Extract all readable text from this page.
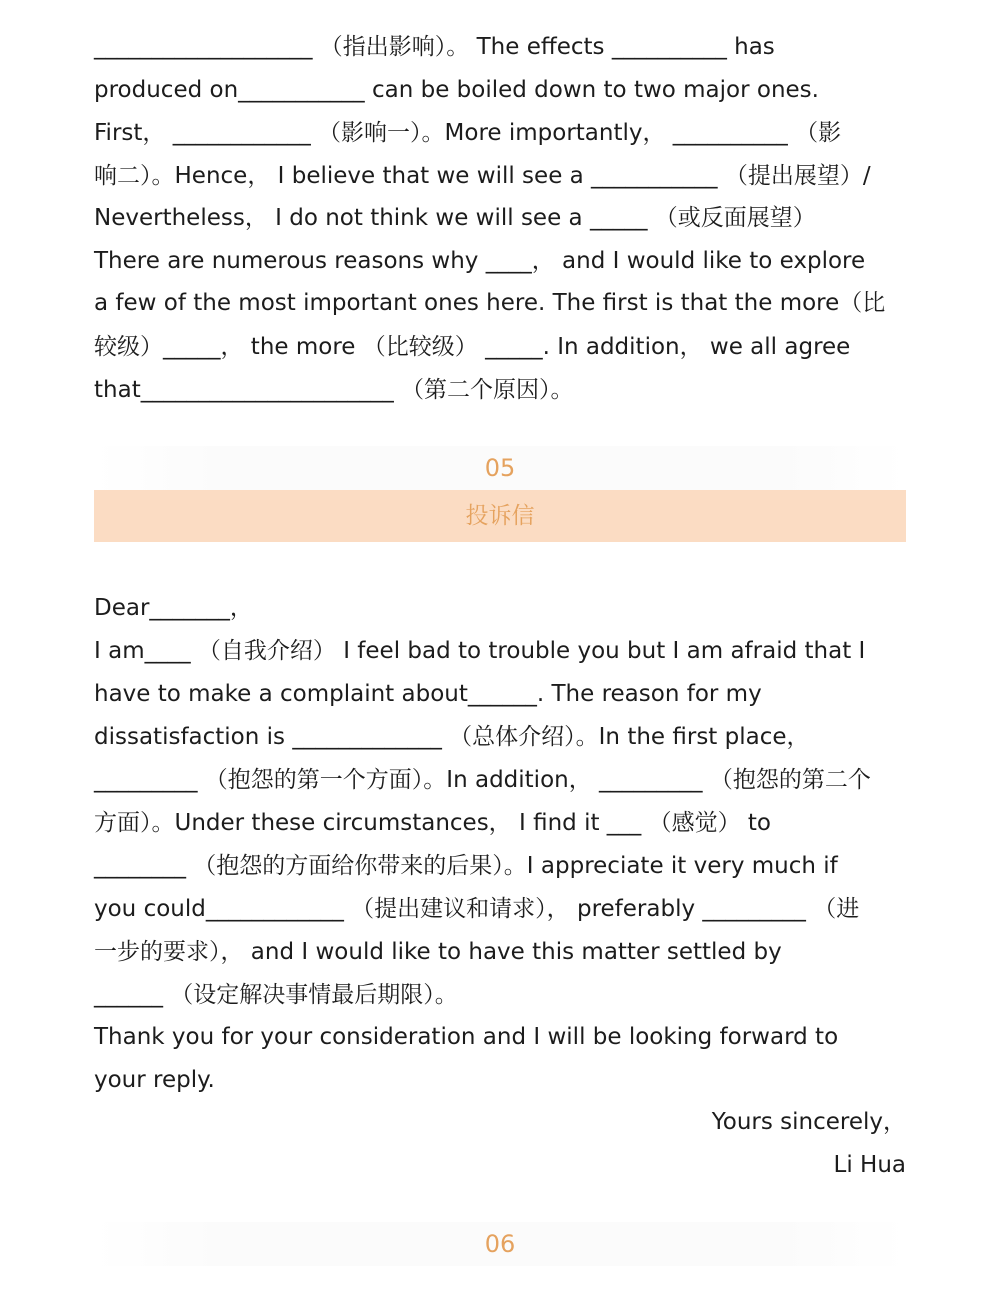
___________________ （指出影响）。 The effects __________ has
produced on___________ can be boiled down to two major ones.
First， ____________ （影响一）。More importantly， __________ （影
响二）。Hence， I believe that we will see a ___________ （提出展望）/
Nevertheless， I do not think we will see a _____ （或反面展望）
There are numerous reasons why ____， and I would like to explore
a few of the most important ones here. The first is that the more（比
较级）_____， the more （比较级） _____. In addition， we all agree
that______________________ （第二个原因）。
05
投诉信
Dear_______，
I am____ （自我介绍） I feel bad to trouble you but I am afraid that I
have to make a complaint about______. The reason for my
dissatisfaction is _____________ （总体介绍）。In the first place，
_________ （抱怨的第一个方面）。In addition， _________ （抱怨的第二个
方面）。Under these circumstances， I find it ___ （感觉） to
________ （抱怨的方面给你带来的后果）。I appreciate it very much if
you could____________ （提出建议和请求）， preferably _________ （进
一步的要求）， and I would like to have this matter settled by
______ （设定解决事情最后期限）。
Thank you for your consideration and I will be looking forward to
your reply.
Yours sincerely，
Li Hua
06
